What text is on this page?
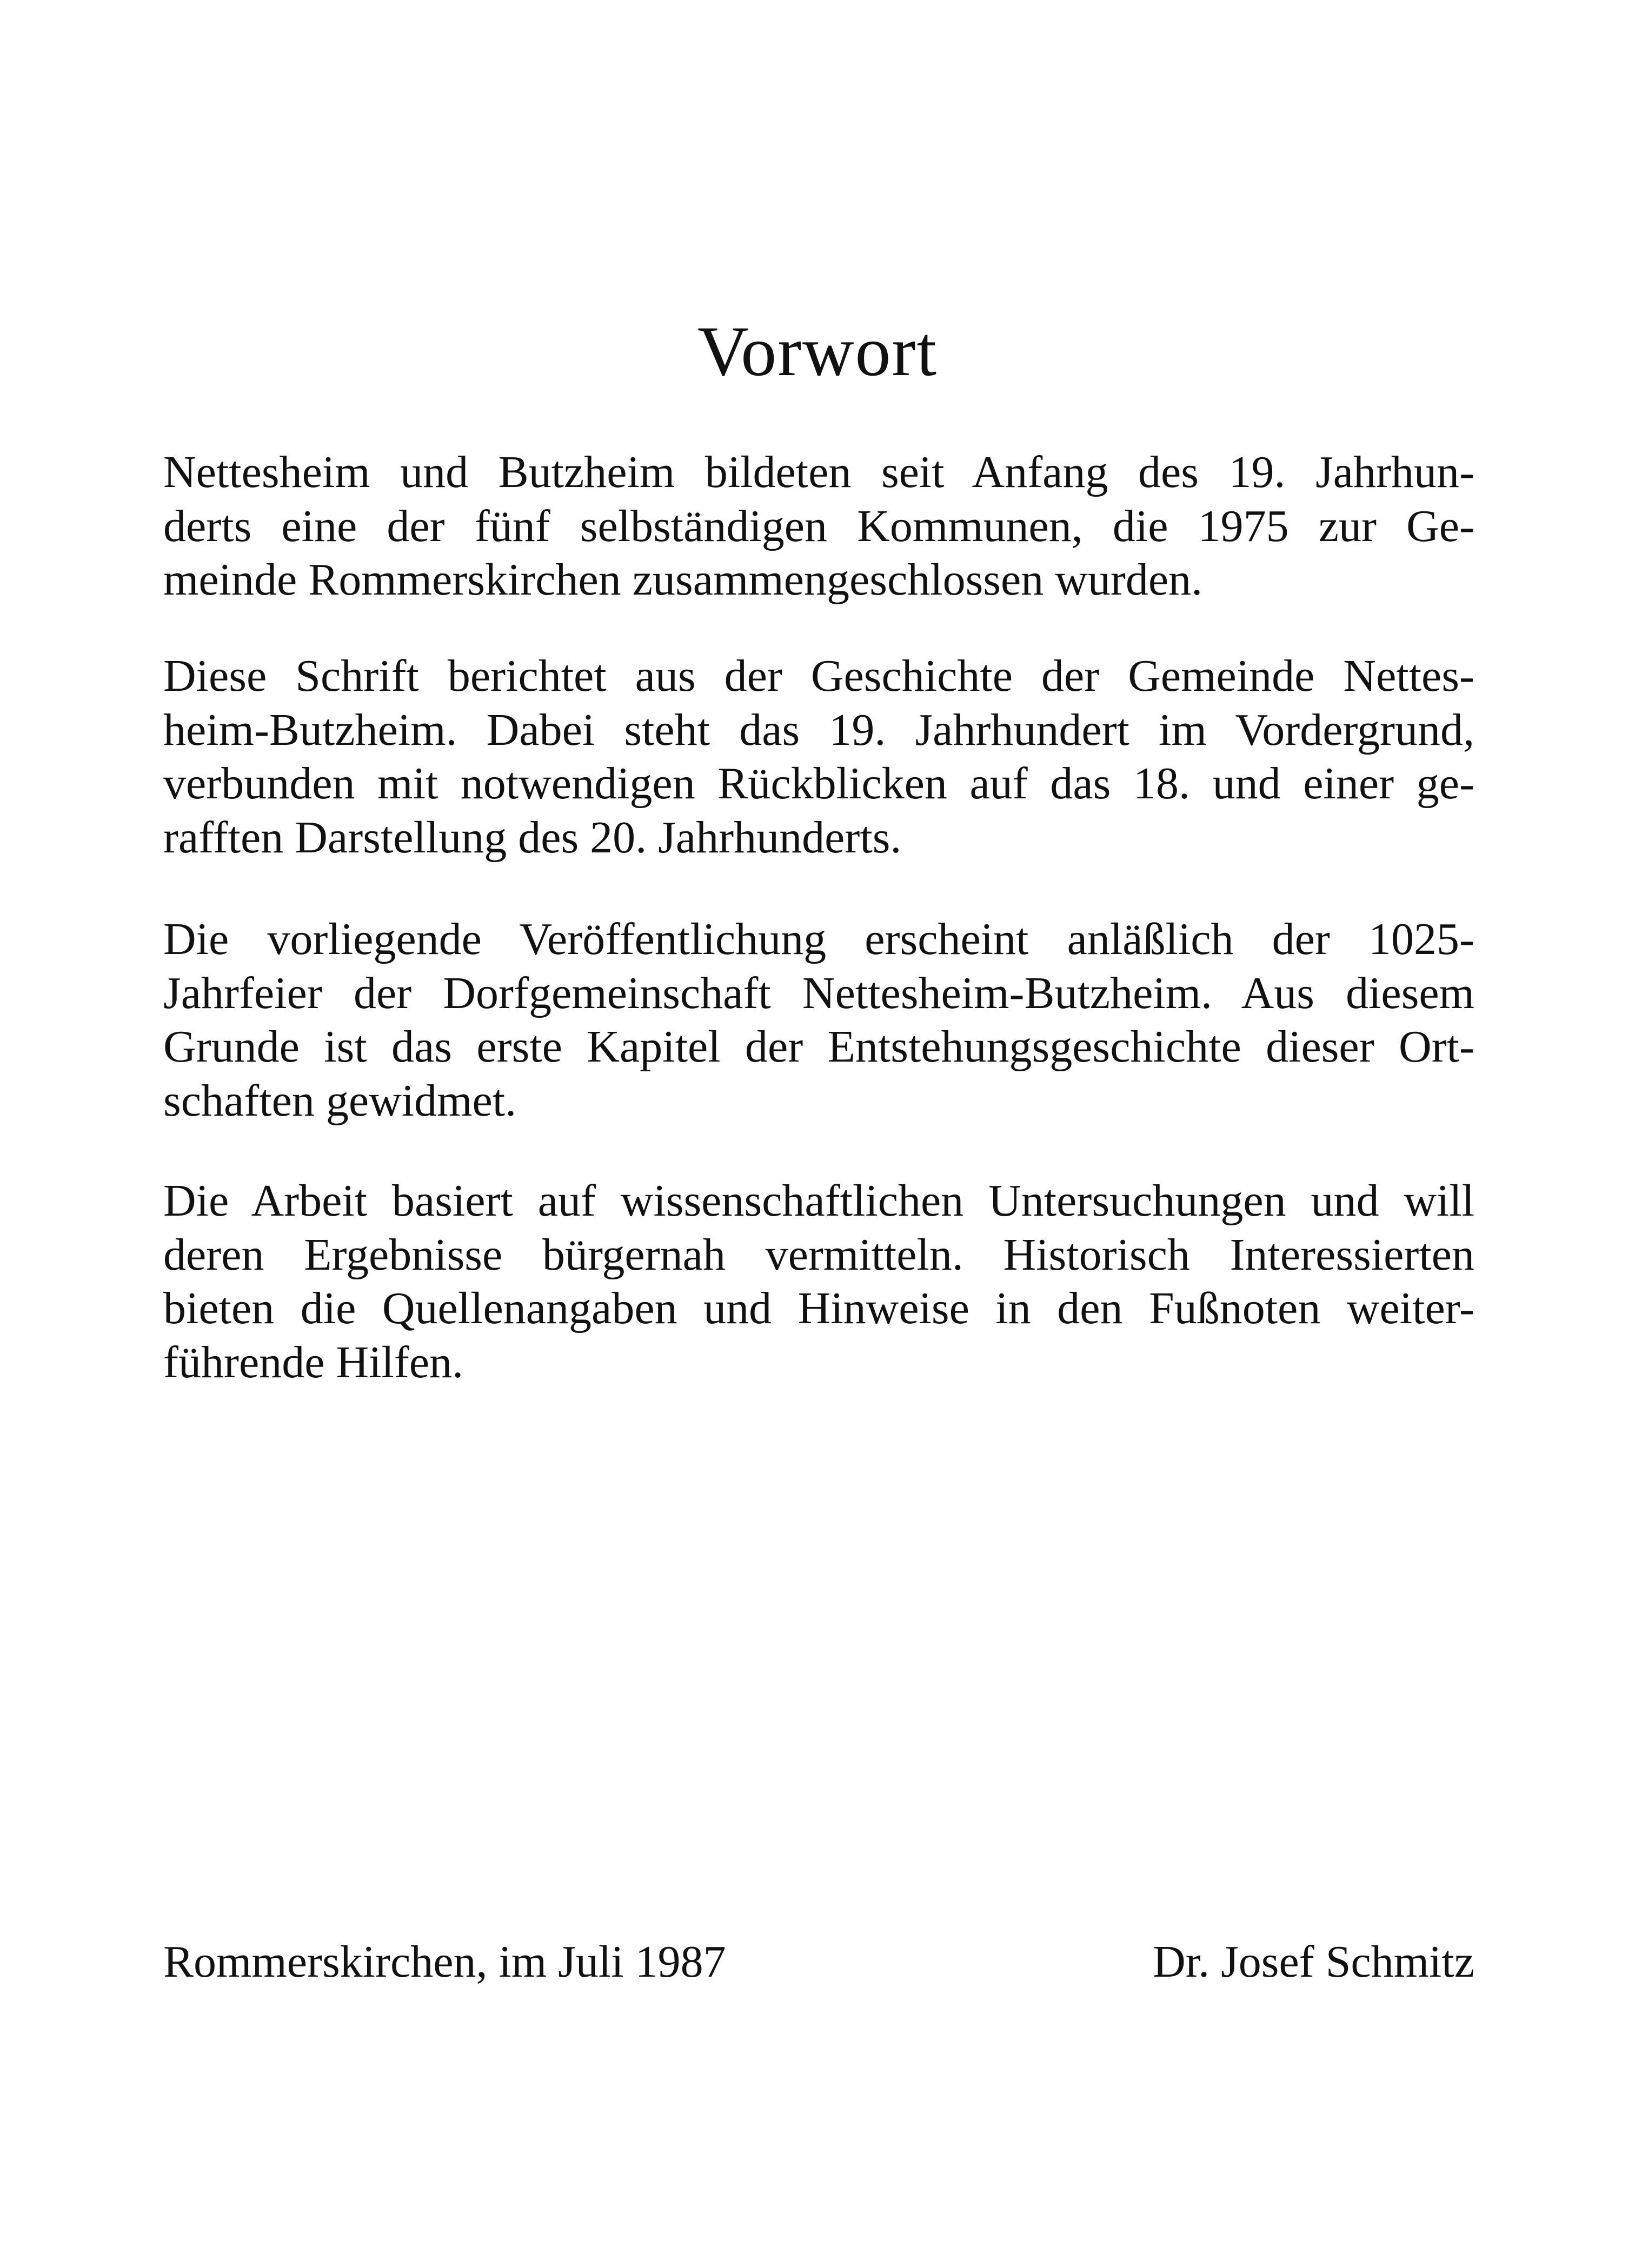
Vorwort
Nettesheim und Butzheim bildeten seit Anfang des 19. Jahrhun-
derts eine der fünf selbständigen Kommunen, die 1975 zur Ge-
meinde Rommerskirchen zusammengeschlossen wurden.
Diese Schrift berichtet aus der Geschichte der Gemeinde Nettes-
heim-Butzheim. Dabei steht das 19. Jahrhundert im Vordergrund,
verbunden mit notwendigen Rückblicken auf das 18. und einer ge-
rafften Darstellung des 20. Jahrhunderts.
Die vorliegende Veröffentlichung erscheint anläßlich der 1025-
Jahrfeier der Dorfgemeinschaft Nettesheim-Butzheim. Aus diesem
Grunde ist das erste Kapitel der Entstehungsgeschichte dieser Ort-
schaften gewidmet.
Die Arbeit basiert auf wissenschaftlichen Untersuchungen und will
deren Ergebnisse bürgernah vermitteln. Historisch Interessierten
bieten die Quellenangaben und Hinweise in den Fußnoten weiter-
führende Hilfen.
Rommerskirchen, im Juli 1987	Dr. Josef Schmitz
